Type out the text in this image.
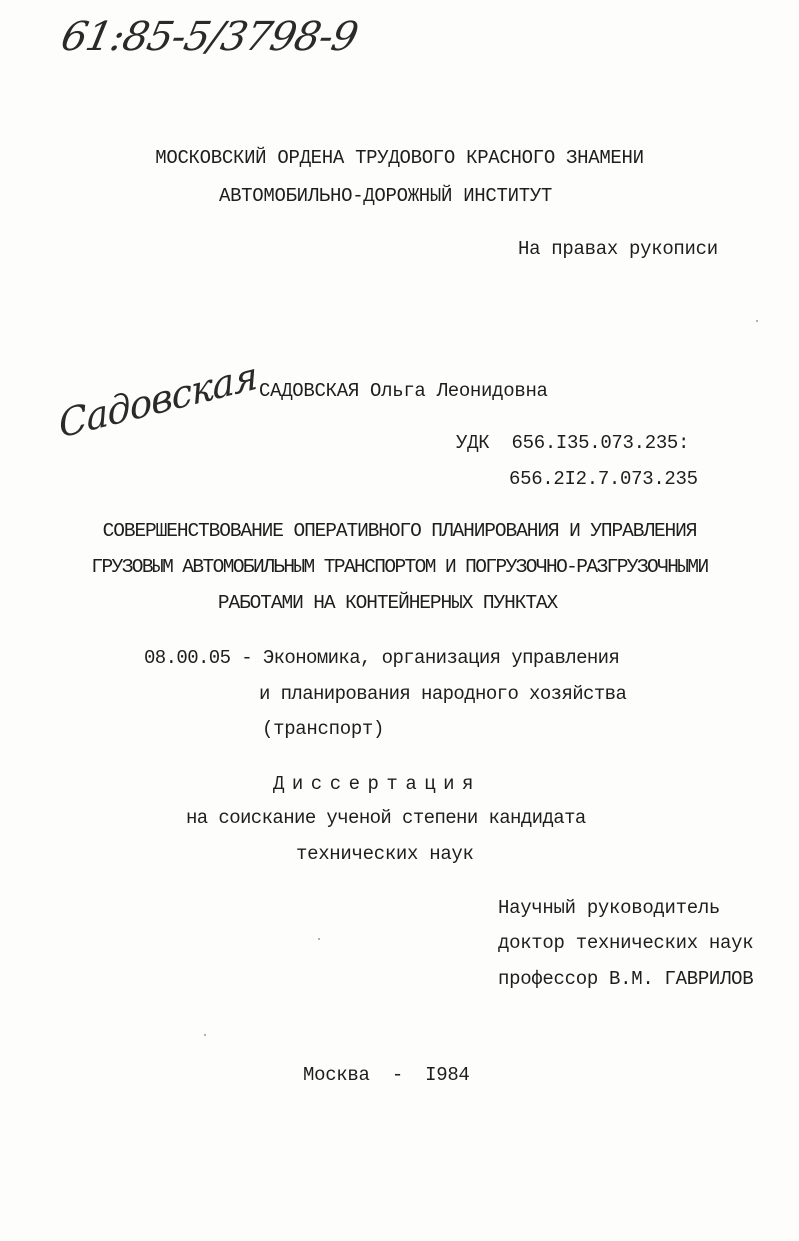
61:85-5/3798-9
МОСКОВСКИЙ ОРДЕНА ТРУДОВОГО КРАСНОГО ЗНАМЕНИ
АВТОМОБИЛЬНО-ДОРОЖНЫЙ ИНСТИТУТ
На правах рукописи
Садовская САДОВСКАЯ Ольга Леонидовна
УДК  656.I35.073.235:
656.2I2.7.073.235
СОВЕРШЕНСТВОВАНИЕ ОПЕРАТИВНОГО ПЛАНИРОВАНИЯ И УПРАВЛЕНИЯ
ГРУЗОВЫМ АВТОМОБИЛЬНЫМ ТРАНСПОРТОМ И ПОГРУЗОЧНО-РАЗГРУЗОЧНЫМИ
РАБОТАМИ НА КОНТЕЙНЕРНЫХ ПУНКТАХ
08.00.05 - Экономика, организация управления
и планирования народного хозяйства
(транспорт)
Диссертация
на соискание ученой степени кандидата
технических наук
Научный руководитель
доктор технических наук
профессор В.М. ГАВРИЛОВ
Москва  -  I984
